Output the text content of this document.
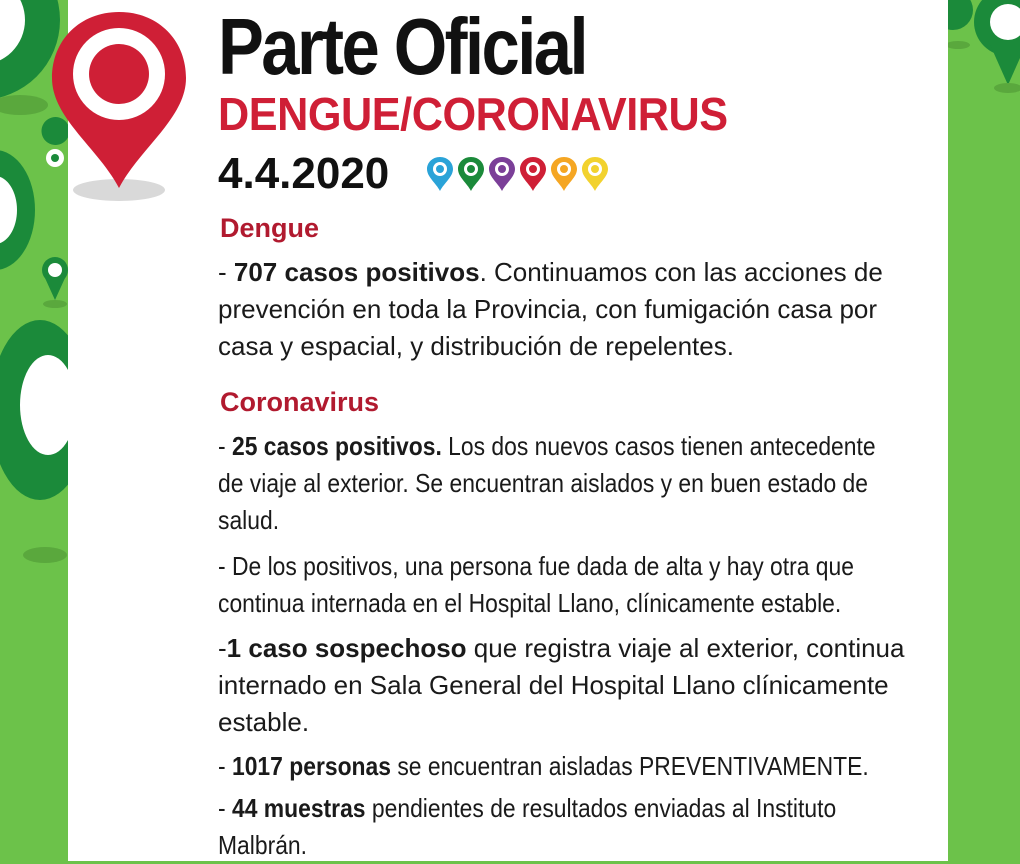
Parte Oficial
DENGUE/CORONAVIRUS
4.4.2020
Dengue
- 707 casos positivos. Continuamos con las acciones de
prevención en toda la Provincia, con fumigación casa por
casa y espacial, y distribución de repelentes.
Coronavirus
- 25 casos positivos. Los dos nuevos casos tienen antecedente
de viaje al exterior. Se encuentran aislados y en buen estado de
salud.
- De los positivos, una persona fue dada de alta y hay otra que
continua internada en el Hospital Llano, clínicamente estable.
-1 caso sospechoso que registra viaje al exterior, continua
internado en Sala General del Hospital Llano clínicamente
estable.
- 1017 personas se encuentran aisladas PREVENTIVAMENTE.
- 44 muestras pendientes de resultados enviadas al Instituto
Malbrán.
